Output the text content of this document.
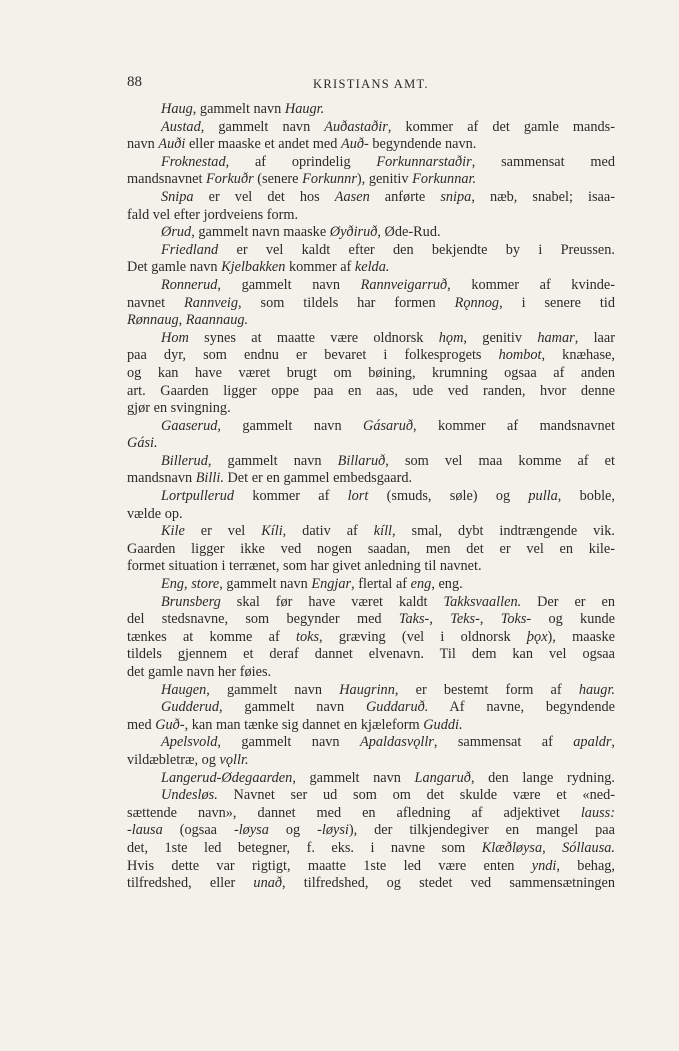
88	KRISTIANS AMT.
Haug, gammelt navn Haugr.
Austad, gammelt navn Auðastaðir, kommer af det gamle mands-
navn Auði eller maaske et andet med Auð- begyndende navn.
Froknestad, af oprindelig Forkunnarstaðir, sammensat med
mandsnavnet Forkuðr (senere Forkunnr), genitiv Forkunnar.
Snipa er vel det hos Aasen anførte snipa, næb, snabel; isaa-
fald vel efter jordveiens form.
Ørud, gammelt navn maaske Øyðiruð, Øde-Rud.
Friedland er vel kaldt efter den bekjendte by i Preussen.
Det gamle navn Kjelbakken kommer af kelda.
Ronnerud, gammelt navn Rannveigarruð, kommer af kvinde-
navnet Rannveig, som tildels har formen Rǫnnog, i senere tid
Rønnaug, Raannaug.
Hom synes at maatte være oldnorsk hǫm, genitiv hamar, laar
paa dyr, som endnu er bevaret i folkesprogets hombot, knæhase,
og kan have været brugt om bøining, krumning ogsaa af anden
art. Gaarden ligger oppe paa en aas, ude ved randen, hvor denne
gjør en svingning.
Gaaserud, gammelt navn Gásaruð, kommer af mandsnavnet
Gási.
Billerud, gammelt navn Billaruð, som vel maa komme af et
mandsnavn Billi. Det er en gammel embedsgaard.
Lortpullerud kommer af lort (smuds, søle) og pulla, boble,
vælde op.
Kile er vel Kíli, dativ af kíll, smal, dybt indtrængende vik.
Gaarden ligger ikke ved nogen saadan, men det er vel en kile-
formet situation i terrænet, som har givet anledning til navnet.
Eng, store, gammelt navn Engjar, flertal af eng, eng.
Brunsberg skal før have været kaldt Takksvaallen. Der er en
del stedsnavne, som begynder med Taks-, Teks-, Toks- og kunde
tænkes at komme af toks, græving (vel i oldnorsk þǫx), maaske
tildels gjennem et deraf dannet elvenavn. Til dem kan vel ogsaa
det gamle navn her føies.
Haugen, gammelt navn Haugrinn, er bestemt form af haugr.
Gudderud, gammelt navn Guddaruð. Af navne, begyndende
med Guð-, kan man tænke sig dannet en kjæleform Guddi.
Apelsvold, gammelt navn Apaldasvǫllr, sammensat af apaldr,
vildæbletræ, og vǫllr.
Langerud-Ødegaarden, gammelt navn Langaruð, den lange rydning.
Undesløs. Navnet ser ud som om det skulde være et «ned-
sættende navn», dannet med en afledning af adjektivet lauss:
-lausa (ogsaa -løysa og -løysi), der tilkjendegiver en mangel paa
det, 1ste led betegner, f. eks. i navne som Klæðløysa, Sóllausa.
Hvis dette var rigtigt, maatte 1ste led være enten yndi, behag,
tilfredshed, eller unað, tilfredshed, og stedet ved sammensætningen
